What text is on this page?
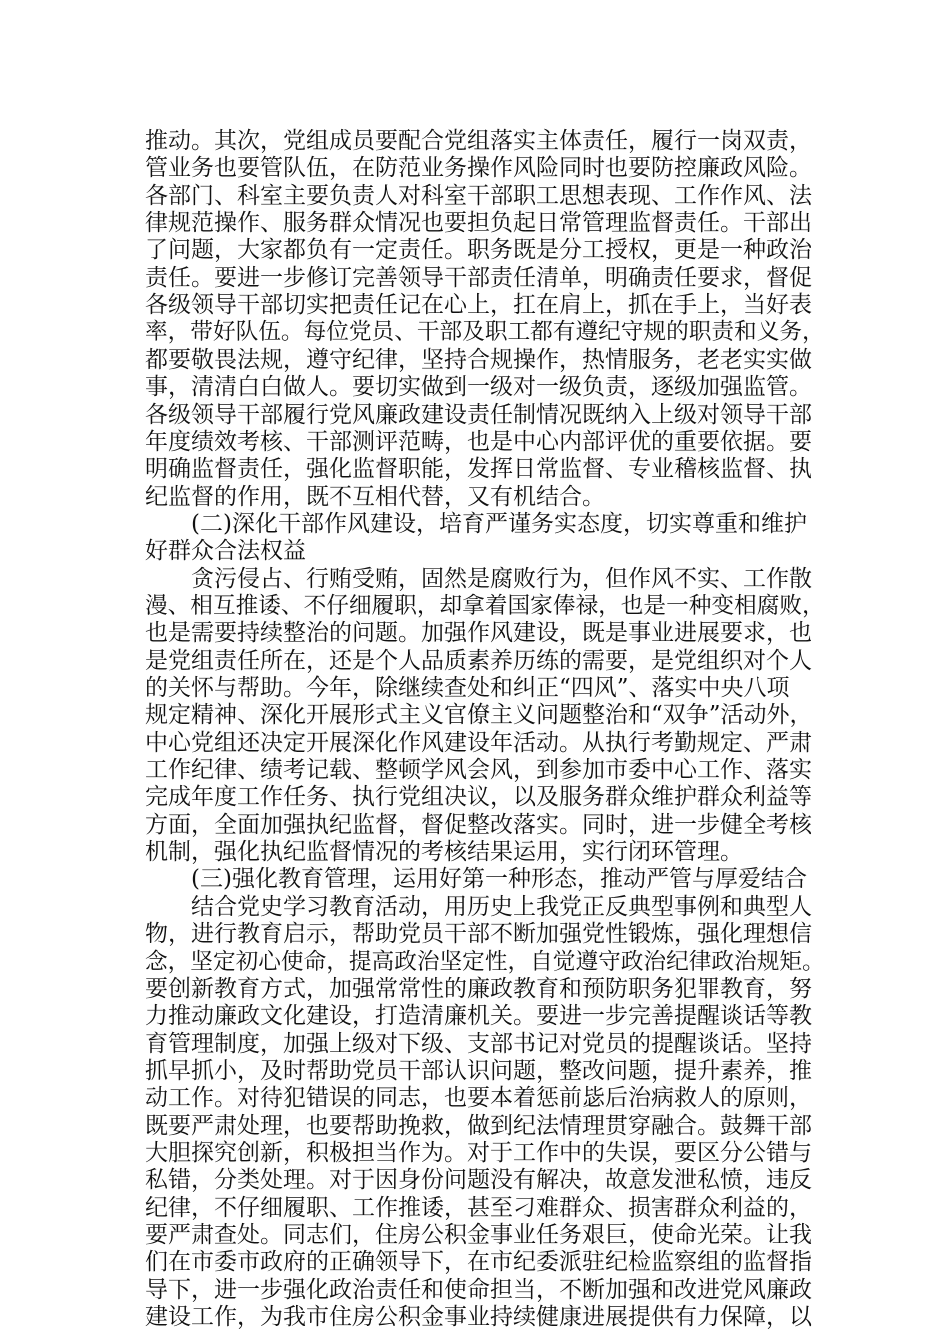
推动。其次，党组成员要配合党组落实主体责任，履行一岗双责，
管业务也要管队伍，在防范业务操作风险同时也要防控廉政风险。
各部门、科室主要负责人对科室干部职工思想表现、工作作风、法
律规范操作、服务群众情况也要担负起日常管理监督责任。干部出
了问题，大家都负有一定责任。职务既是分工授权，更是一种政治
责任。要进一步修订完善领导干部责任清单，明确责任要求，督促
各级领导干部切实把责任记在心上，扛在肩上，抓在手上，当好表
率，带好队伍。每位党员、干部及职工都有遵纪守规的职责和义务，
都要敬畏法规，遵守纪律，坚持合规操作，热情服务，老老实实做
事，清清白白做人。要切实做到一级对一级负责，逐级加强监管。
各级领导干部履行党风廉政建设责任制情况既纳入上级对领导干部
年度绩效考核、干部测评范畴，也是中心内部评优的重要依据。要
明确监督责任，强化监督职能，发挥日常监督、专业稽核监督、执
纪监督的作用，既不互相代替，又有机结合。
　　(二)深化干部作风建设，培育严谨务实态度，切实尊重和维护
好群众合法权益
　　贪污侵占、行贿受贿，固然是腐败行为，但作风不实、工作散
漫、相互推诿、不仔细履职，却拿着国家俸禄，也是一种变相腐败，
也是需要持续整治的问题。加强作风建设，既是事业进展要求，也
是党组责任所在，还是个人品质素养历练的需要，是党组织对个人
的关怀与帮助。今年，除继续查处和纠正“四风”、落实中央八项
规定精神、深化开展形式主义官僚主义问题整治和“双争”活动外，
中心党组还决定开展深化作风建设年活动。从执行考勤规定、严肃
工作纪律、绩考记载、整顿学风会风，到参加市委中心工作、落实
完成年度工作任务、执行党组决议，以及服务群众维护群众利益等
方面，全面加强执纪监督，督促整改落实。同时，进一步健全考核
机制，强化执纪监督情况的考核结果运用，实行闭环管理。
　　(三)强化教育管理，运用好第一种形态，推动严管与厚爱结合
　　结合党史学习教育活动，用历史上我党正反典型事例和典型人
物，进行教育启示，帮助党员干部不断加强党性锻炼，强化理想信
念，坚定初心使命，提高政治坚定性，自觉遵守政治纪律政治规矩。
要创新教育方式，加强常常性的廉政教育和预防职务犯罪教育，努
力推动廉政文化建设，打造清廉机关。要进一步完善提醒谈话等教
育管理制度，加强上级对下级、支部书记对党员的提醒谈话。坚持
抓早抓小，及时帮助党员干部认识问题，整改问题，提升素养，推
动工作。对待犯错误的同志，也要本着惩前毖后治病救人的原则，
既要严肃处理，也要帮助挽救，做到纪法情理贯穿融合。鼓舞干部
大胆探究创新，积极担当作为。对于工作中的失误，要区分公错与
私错，分类处理。对于因身份问题没有解决，故意发泄私愤，违反
纪律，不仔细履职、工作推诿，甚至刁难群众、损害群众利益的，
要严肃查处。同志们，住房公积金事业任务艰巨，使命光荣。让我
们在市委市政府的正确领导下，在市纪委派驻纪检监察组的监督指
导下，进一步强化政治责任和使命担当，不断加强和改进党风廉政
建设工作，为我市住房公积金事业持续健康进展提供有力保障，以
